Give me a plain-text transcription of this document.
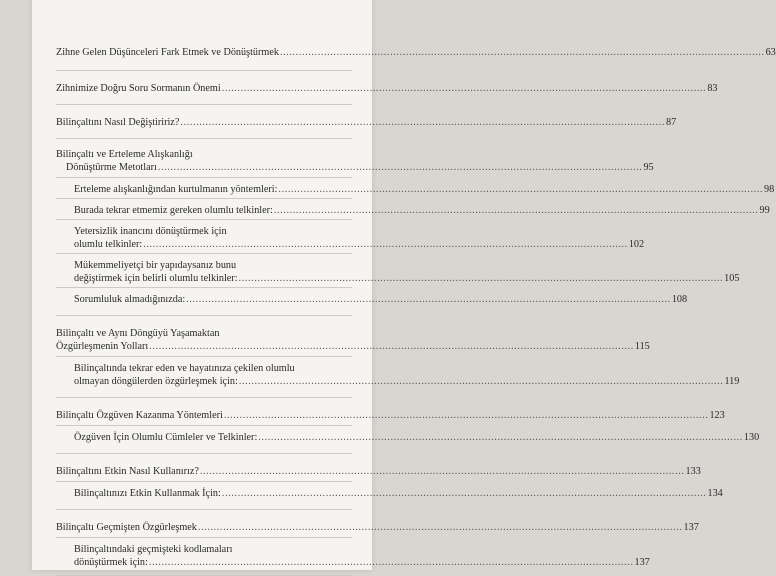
Zihne Gelen Düşünceleri Fark Etmek ve Dönüştürmek .....	63
Zihnimize Doğru Soru Sormanın Önemi .....	83
Bilinçaltını Nasıl Değiştiririz? .....	87
Bilinçaltı ve Erteleme Alışkanlığı
Dönüştürme Metotları .....	95
Erteleme alışkanlığından kurtulmanın yöntemleri: .....	98
Burada tekrar etmemiz gereken olumlu telkinler: .....	99
Yetersizlik inancını dönüştürmek için
olumlu telkinler: .....	102
Mükemmeliyetçi bir yapıdaysanız bunu
değiştirmek için belirli olumlu telkinler: .....	105
Sorumluluk almadığınızda: .....	108
Bilinçaltı ve Aynı Döngüyü Yaşamaktan
Özgürleşmenin Yolları .....	115
Bilinçaltında tekrar eden ve hayatınıza çekilen olumlu
olmayan döngülerden özgürleşmek için: .....	119
Bilinçaltı Özgüven Kazanma Yöntemleri .....	123
Özgüven İçin Olumlu Cümleler ve Telkinler: .....	130
Bilinçaltını Etkin Nasıl Kullanırız? .....	133
Bilinçaltınızı Etkin Kullanmak İçin: .....	134
Bilinçaltı Geçmişten Özgürleşmek .....	137
Bilinçaltındaki geçmişteki kodlamaları
dönüştürmek için: .....	137
